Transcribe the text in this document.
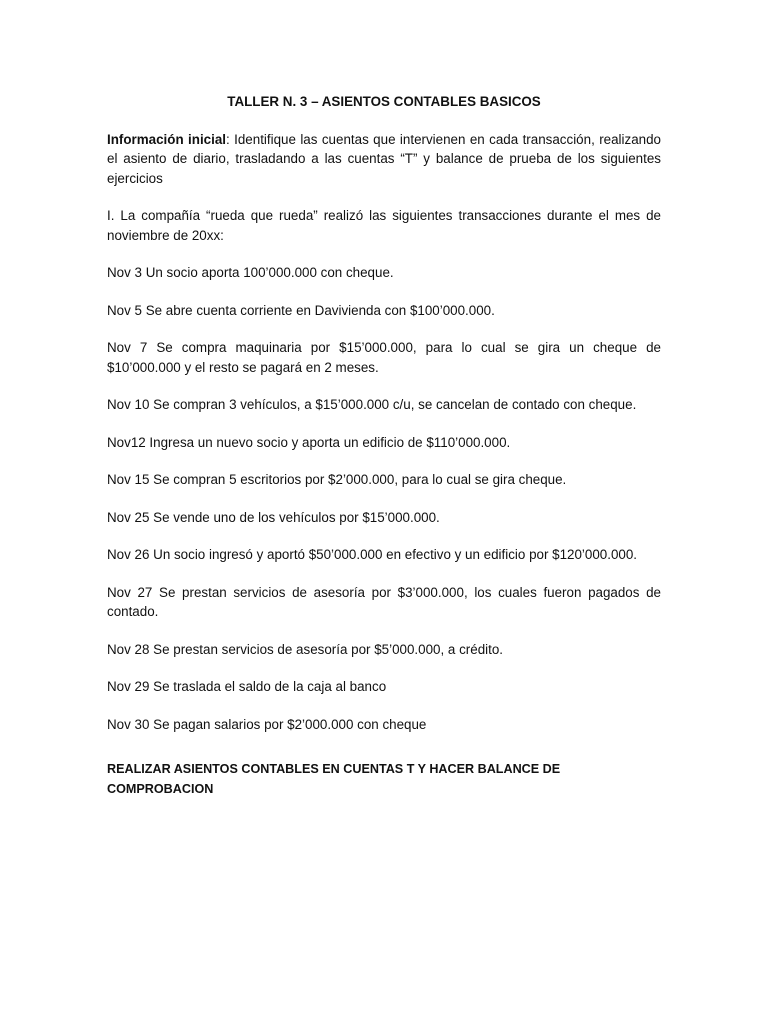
TALLER N. 3 – ASIENTOS CONTABLES BASICOS

Información inicial: Identifique las cuentas que intervienen en cada transacción, realizando el asiento de diario, trasladando a las cuentas “T” y balance de prueba de los siguientes ejercicios

I. La compañía “rueda que rueda” realizó las siguientes transacciones durante el mes de noviembre de 20xx:

Nov 3 Un socio aporta 100’000.000 con cheque.

Nov 5 Se abre cuenta corriente en Davivienda con $100’000.000.

Nov 7 Se compra maquinaria por $15’000.000, para lo cual se gira un cheque de $10’000.000 y el resto se pagará en 2 meses.

Nov 10 Se compran 3 vehículos, a $15’000.000 c/u, se cancelan de contado con cheque.

Nov12 Ingresa un nuevo socio y aporta un edificio de $110’000.000.

Nov 15 Se compran 5 escritorios por $2’000.000, para lo cual se gira cheque.

Nov 25 Se vende uno de los vehículos por $15’000.000.

Nov 26 Un socio ingresó y aportó $50’000.000 en efectivo y un edificio por $120’000.000.

Nov 27 Se prestan servicios de asesoría por $3’000.000, los cuales fueron pagados de contado.

Nov 28 Se prestan servicios de asesoría por $5’000.000, a crédito.

Nov 29 Se traslada el saldo de la caja al banco

Nov 30 Se pagan salarios por $2’000.000 con cheque

REALIZAR ASIENTOS CONTABLES EN CUENTAS T Y HACER BALANCE DE COMPROBACION
